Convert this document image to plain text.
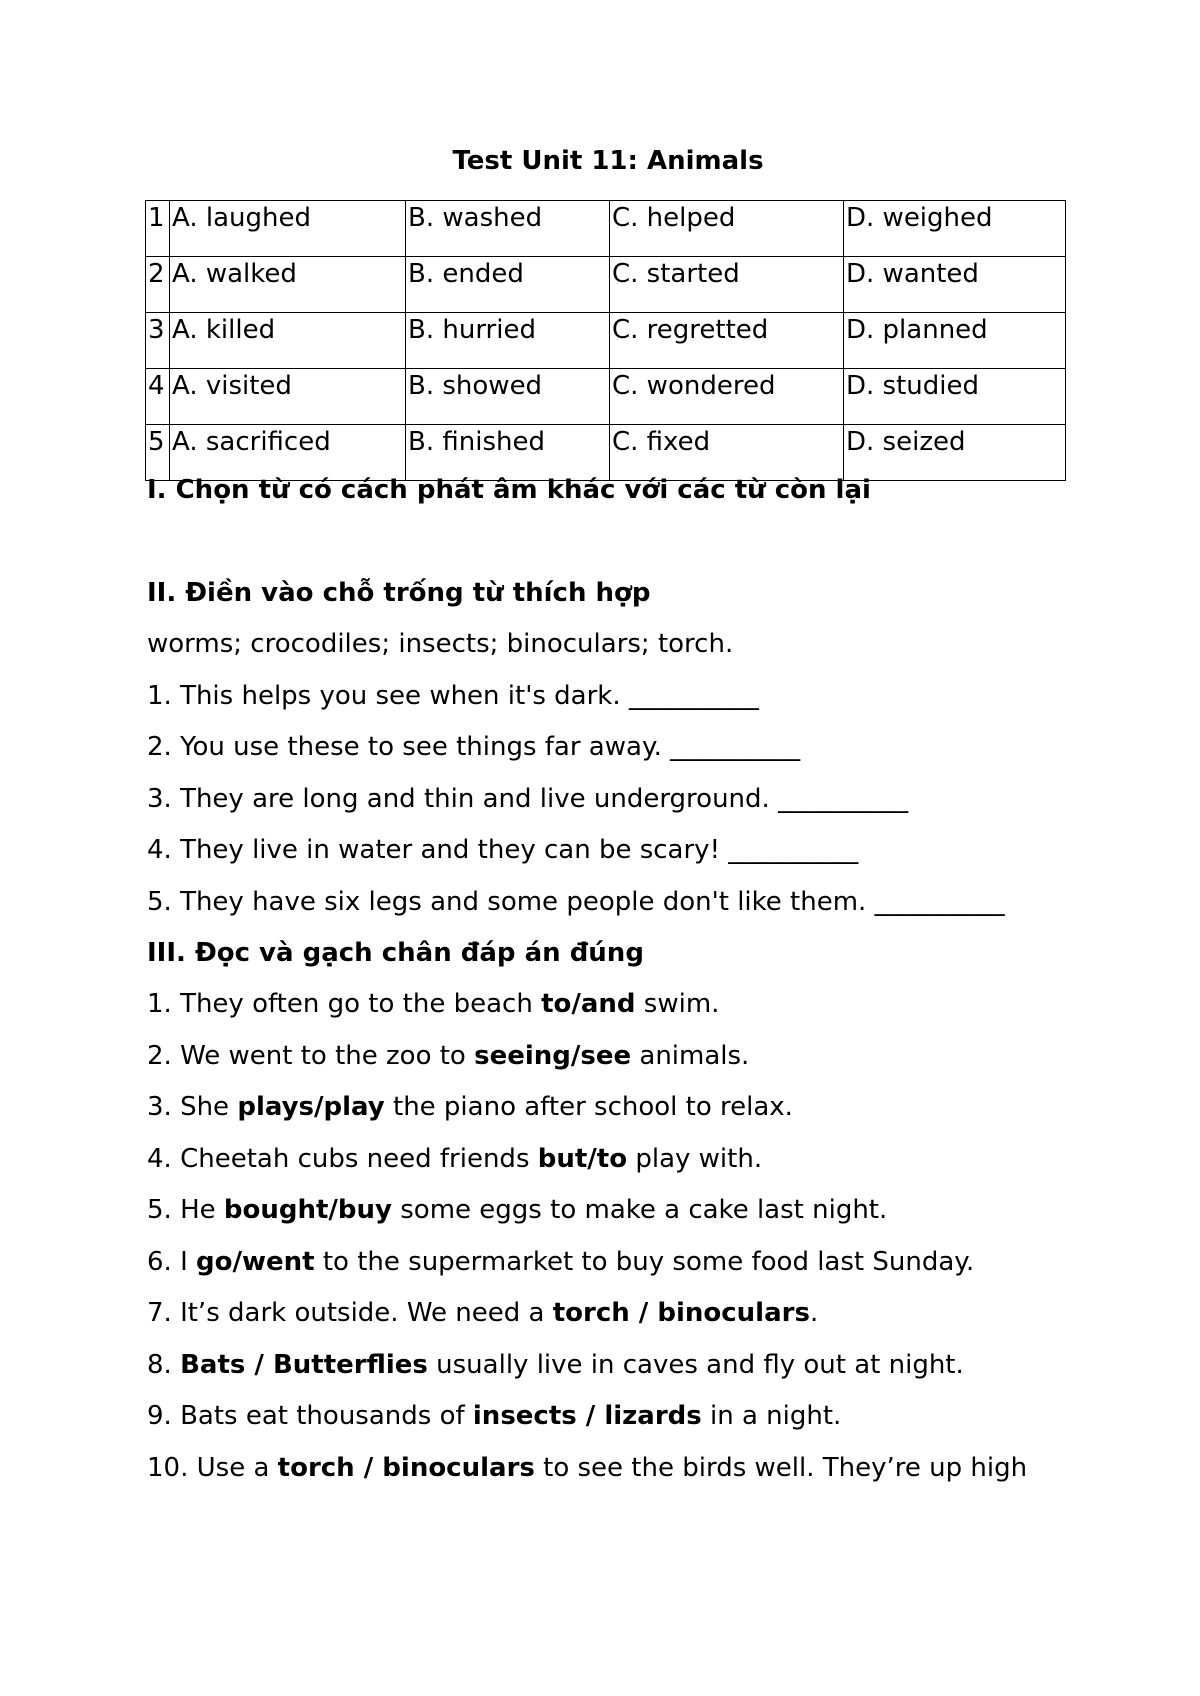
Test Unit 11: Animals
1	A. laughed	B. washed	C. helped	D. weighed
2	A. walked	B. ended	C. started	D. wanted
3	A. killed	B. hurried	C. regretted	D. planned
4	A. visited	B. showed	C. wondered	D. studied
5	A. sacrificed	B. finished	C. fixed	D. seized
I. Chọn từ có cách phát âm khác với các từ còn lại
II. Điền vào chỗ trống từ thích hợp
worms; crocodiles; insects; binoculars; torch.
1. This helps you see when it's dark. __________
2. You use these to see things far away. __________
3. They are long and thin and live underground. __________
4. They live in water and they can be scary! __________
5. They have six legs and some people don't like them. __________
III. Đọc và gạch chân đáp án đúng
1. They often go to the beach to/and swim.
2. We went to the zoo to seeing/see animals.
3. She plays/play the piano after school to relax.
4. Cheetah cubs need friends but/to play with.
5. He bought/buy some eggs to make a cake last night.
6. I go/went to the supermarket to buy some food last Sunday.
7. It’s dark outside. We need a torch / binoculars.
8. Bats / Butterflies usually live in caves and fly out at night.
9. Bats eat thousands of insects / lizards in a night.
10. Use a torch / binoculars to see the birds well. They’re up high
